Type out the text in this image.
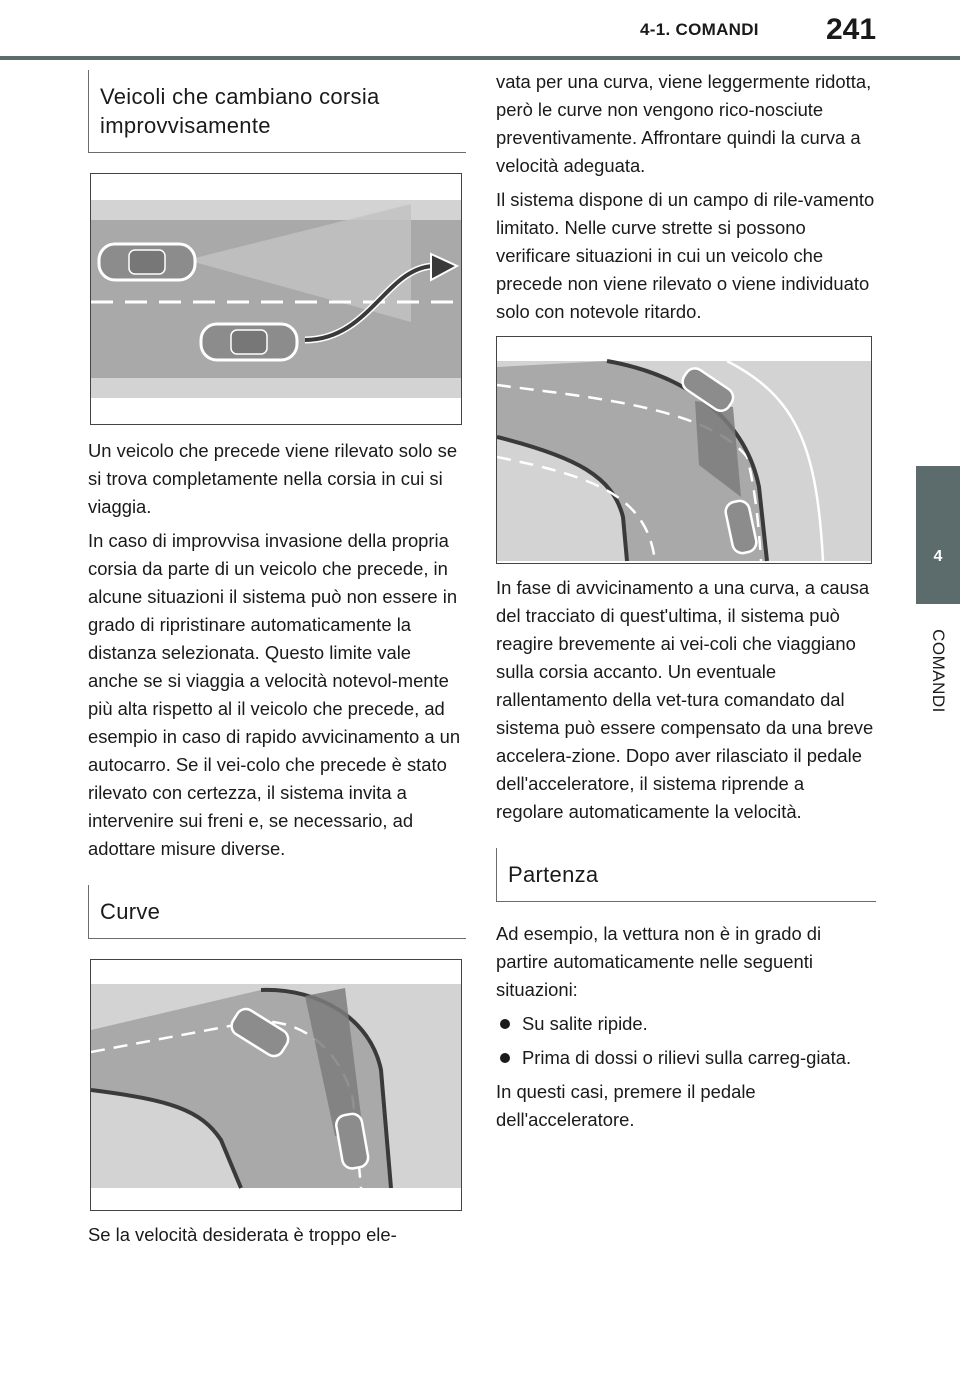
4-1. COMANDI 241
4
COMANDI
Veicoli che cambiano corsia improvvisamente

Un veicolo che precede viene rilevato solo se si trova completamente nella corsia in cui si viaggia.

In caso di improvvisa invasione della propria corsia da parte di un veicolo che precede, in alcune situazioni il sistema può non essere in grado di ripristinare automaticamente la distanza selezionata. Questo limite vale anche se si viaggia a velocità notevol-mente più alta rispetto al il veicolo che precede, ad esempio in caso di rapido avvicinamento a un autocarro. Se il vei-colo che precede è stato rilevato con certezza, il sistema invita a intervenire sui freni e, se necessario, ad adottare misure diverse.

Curve

Se la velocità desiderata è troppo ele-

vata per una curva, viene leggermente ridotta, però le curve non vengono rico-nosciute preventivamente. Affrontare quindi la curva a velocità adeguata.

Il sistema dispone di un campo di rile-vamento limitato. Nelle curve strette si possono verificare situazioni in cui un veicolo che precede non viene rilevato o viene individuato solo con notevole ritardo.

In fase di avvicinamento a una curva, a causa del tracciato di quest'ultima, il sistema può reagire brevemente ai vei-coli che viaggiano sulla corsia accanto. Un eventuale rallentamento della vet-tura comandato dal sistema può essere compensato da una breve accelera-zione. Dopo aver rilasciato il pedale dell'acceleratore, il sistema riprende a regolare automaticamente la velocità.

Partenza

Ad esempio, la vettura non è in grado di partire automaticamente nelle seguenti situazioni:

Su salite ripide.
Prima di dossi o rilievi sulla carreg-giata.

In questi casi, premere il pedale dell'acceleratore.
